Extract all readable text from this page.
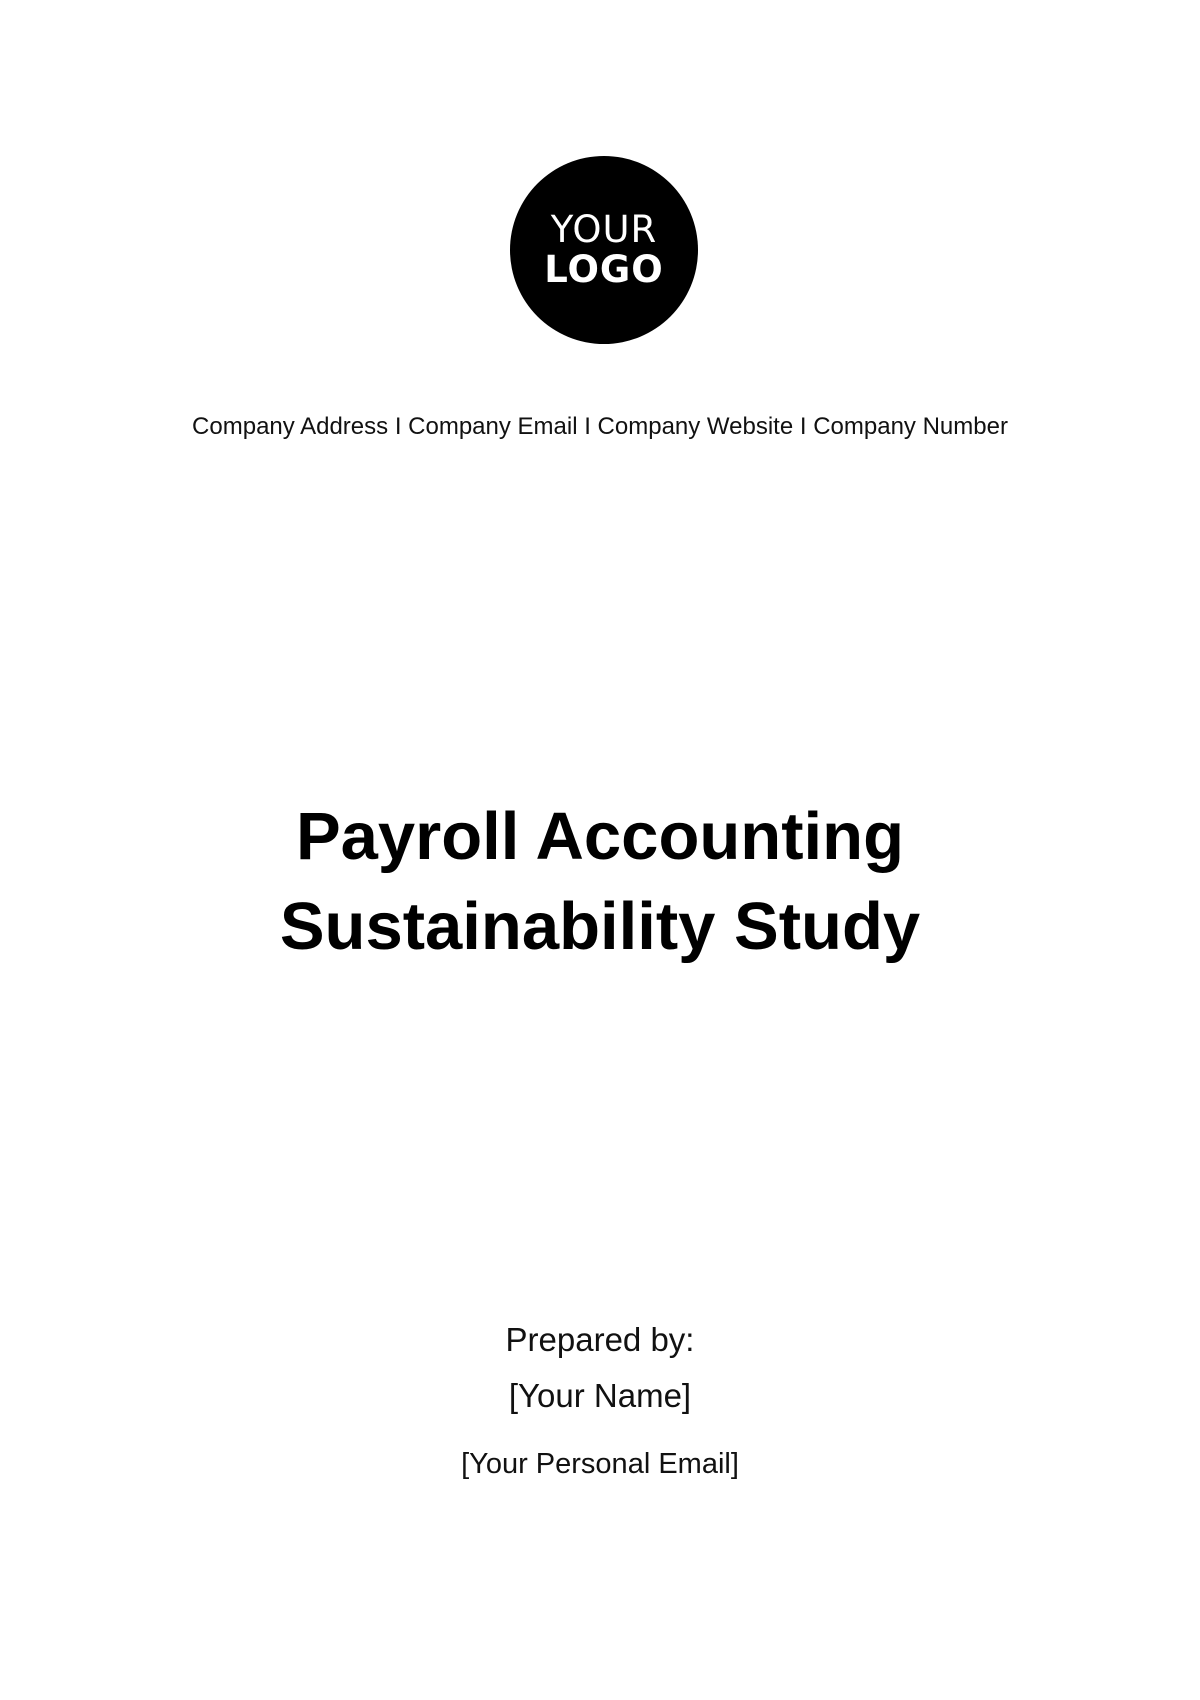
YOUR
LOGO
Company Address I Company Email I Company Website I Company Number
Payroll Accounting
Sustainability Study
Prepared by:
[Your Name]
[Your Personal Email]
